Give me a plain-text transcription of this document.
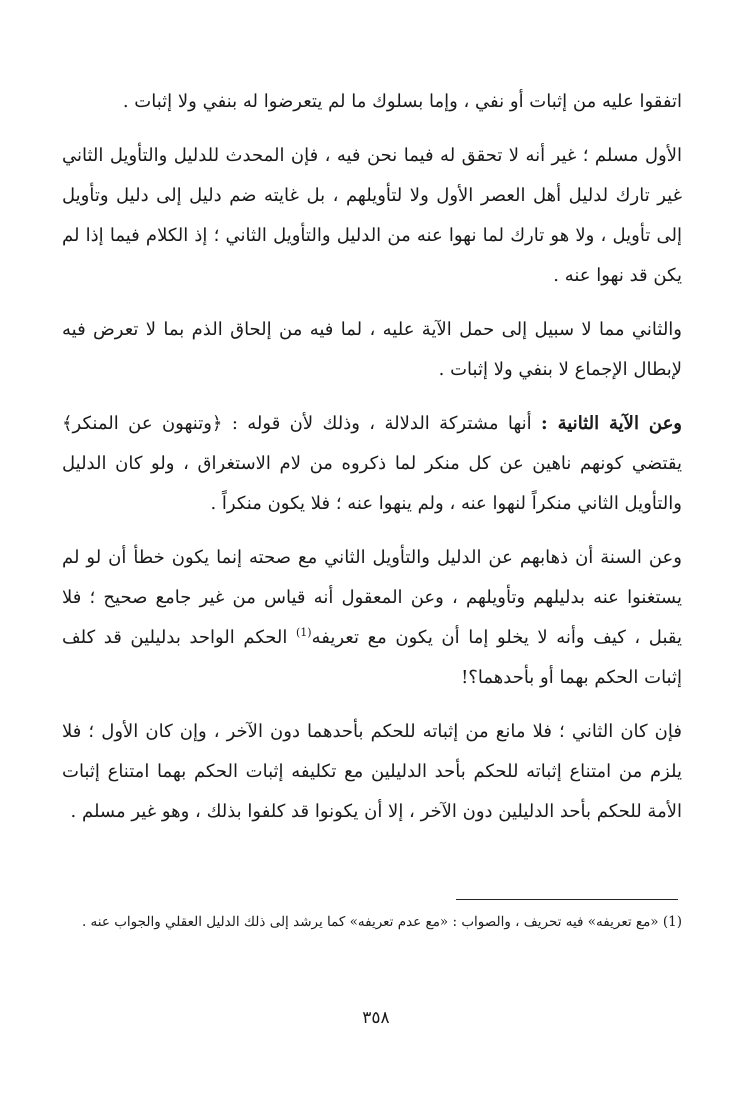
اتفقوا عليه من إثبات أو نفي ، وإما بسلوك ما لم يتعرضوا له بنفي ولا إثبات .

الأول مسلم ؛ غير أنه لا تحقق له فيما نحن فيه ، فإن المحدث للدليل والتأويل الثاني غير تارك لدليل أهل العصر الأول ولا لتأويلهم ، بل غايته ضم دليل إلى دليل وتأويل إلى تأويل ، ولا هو تارك لما نهوا عنه من الدليل والتأويل الثاني ؛ إذ الكلام فيما إذا لم يكن قد نهوا عنه .

والثاني مما لا سبيل إلى حمل الآية عليه ، لما فيه من إلحاق الذم بما لا تعرض فيه لإبطال الإجماع لا بنفي ولا إثبات .

وعن الآية الثانية : أنها مشتركة الدلالة ، وذلك لأن قوله : ﴿وتنهون عن المنكر﴾ يقتضي كونهم ناهين عن كل منكر لما ذكروه من لام الاستغراق ، ولو كان الدليل والتأويل الثاني منكراً لنهوا عنه ، ولم ينهوا عنه ؛ فلا يكون منكراً .

وعن السنة أن ذهابهم عن الدليل والتأويل الثاني مع صحته إنما يكون خطأ أن لو لم يستغنوا عنه بدليلهم وتأويلهم ، وعن المعقول أنه قياس من غير جامع صحيح ؛ فلا يقبل ، كيف وأنه لا يخلو إما أن يكون مع تعريفه$^{(1)}$ الحكم الواحد بدليلين قد كلف إثبات الحكم بهما أو بأحدهما؟!

فإن كان الثاني ؛ فلا مانع من إثباته للحكم بأحدهما دون الآخر ، وإن كان الأول ؛ فلا يلزم من امتناع إثباته للحكم بأحد الدليلين مع تكليفه إثبات الحكم بهما امتناع إثبات الأمة للحكم بأحد الدليلين دون الآخر ، إلا أن يكونوا قد كلفوا بذلك ، وهو غير مسلم .

(1) «مع تعريفه» فيه تحريف ، والصواب : «مع عدم تعريفه» كما يرشد إلى ذلك الدليل العقلي والجواب عنه .
٣٥٨
